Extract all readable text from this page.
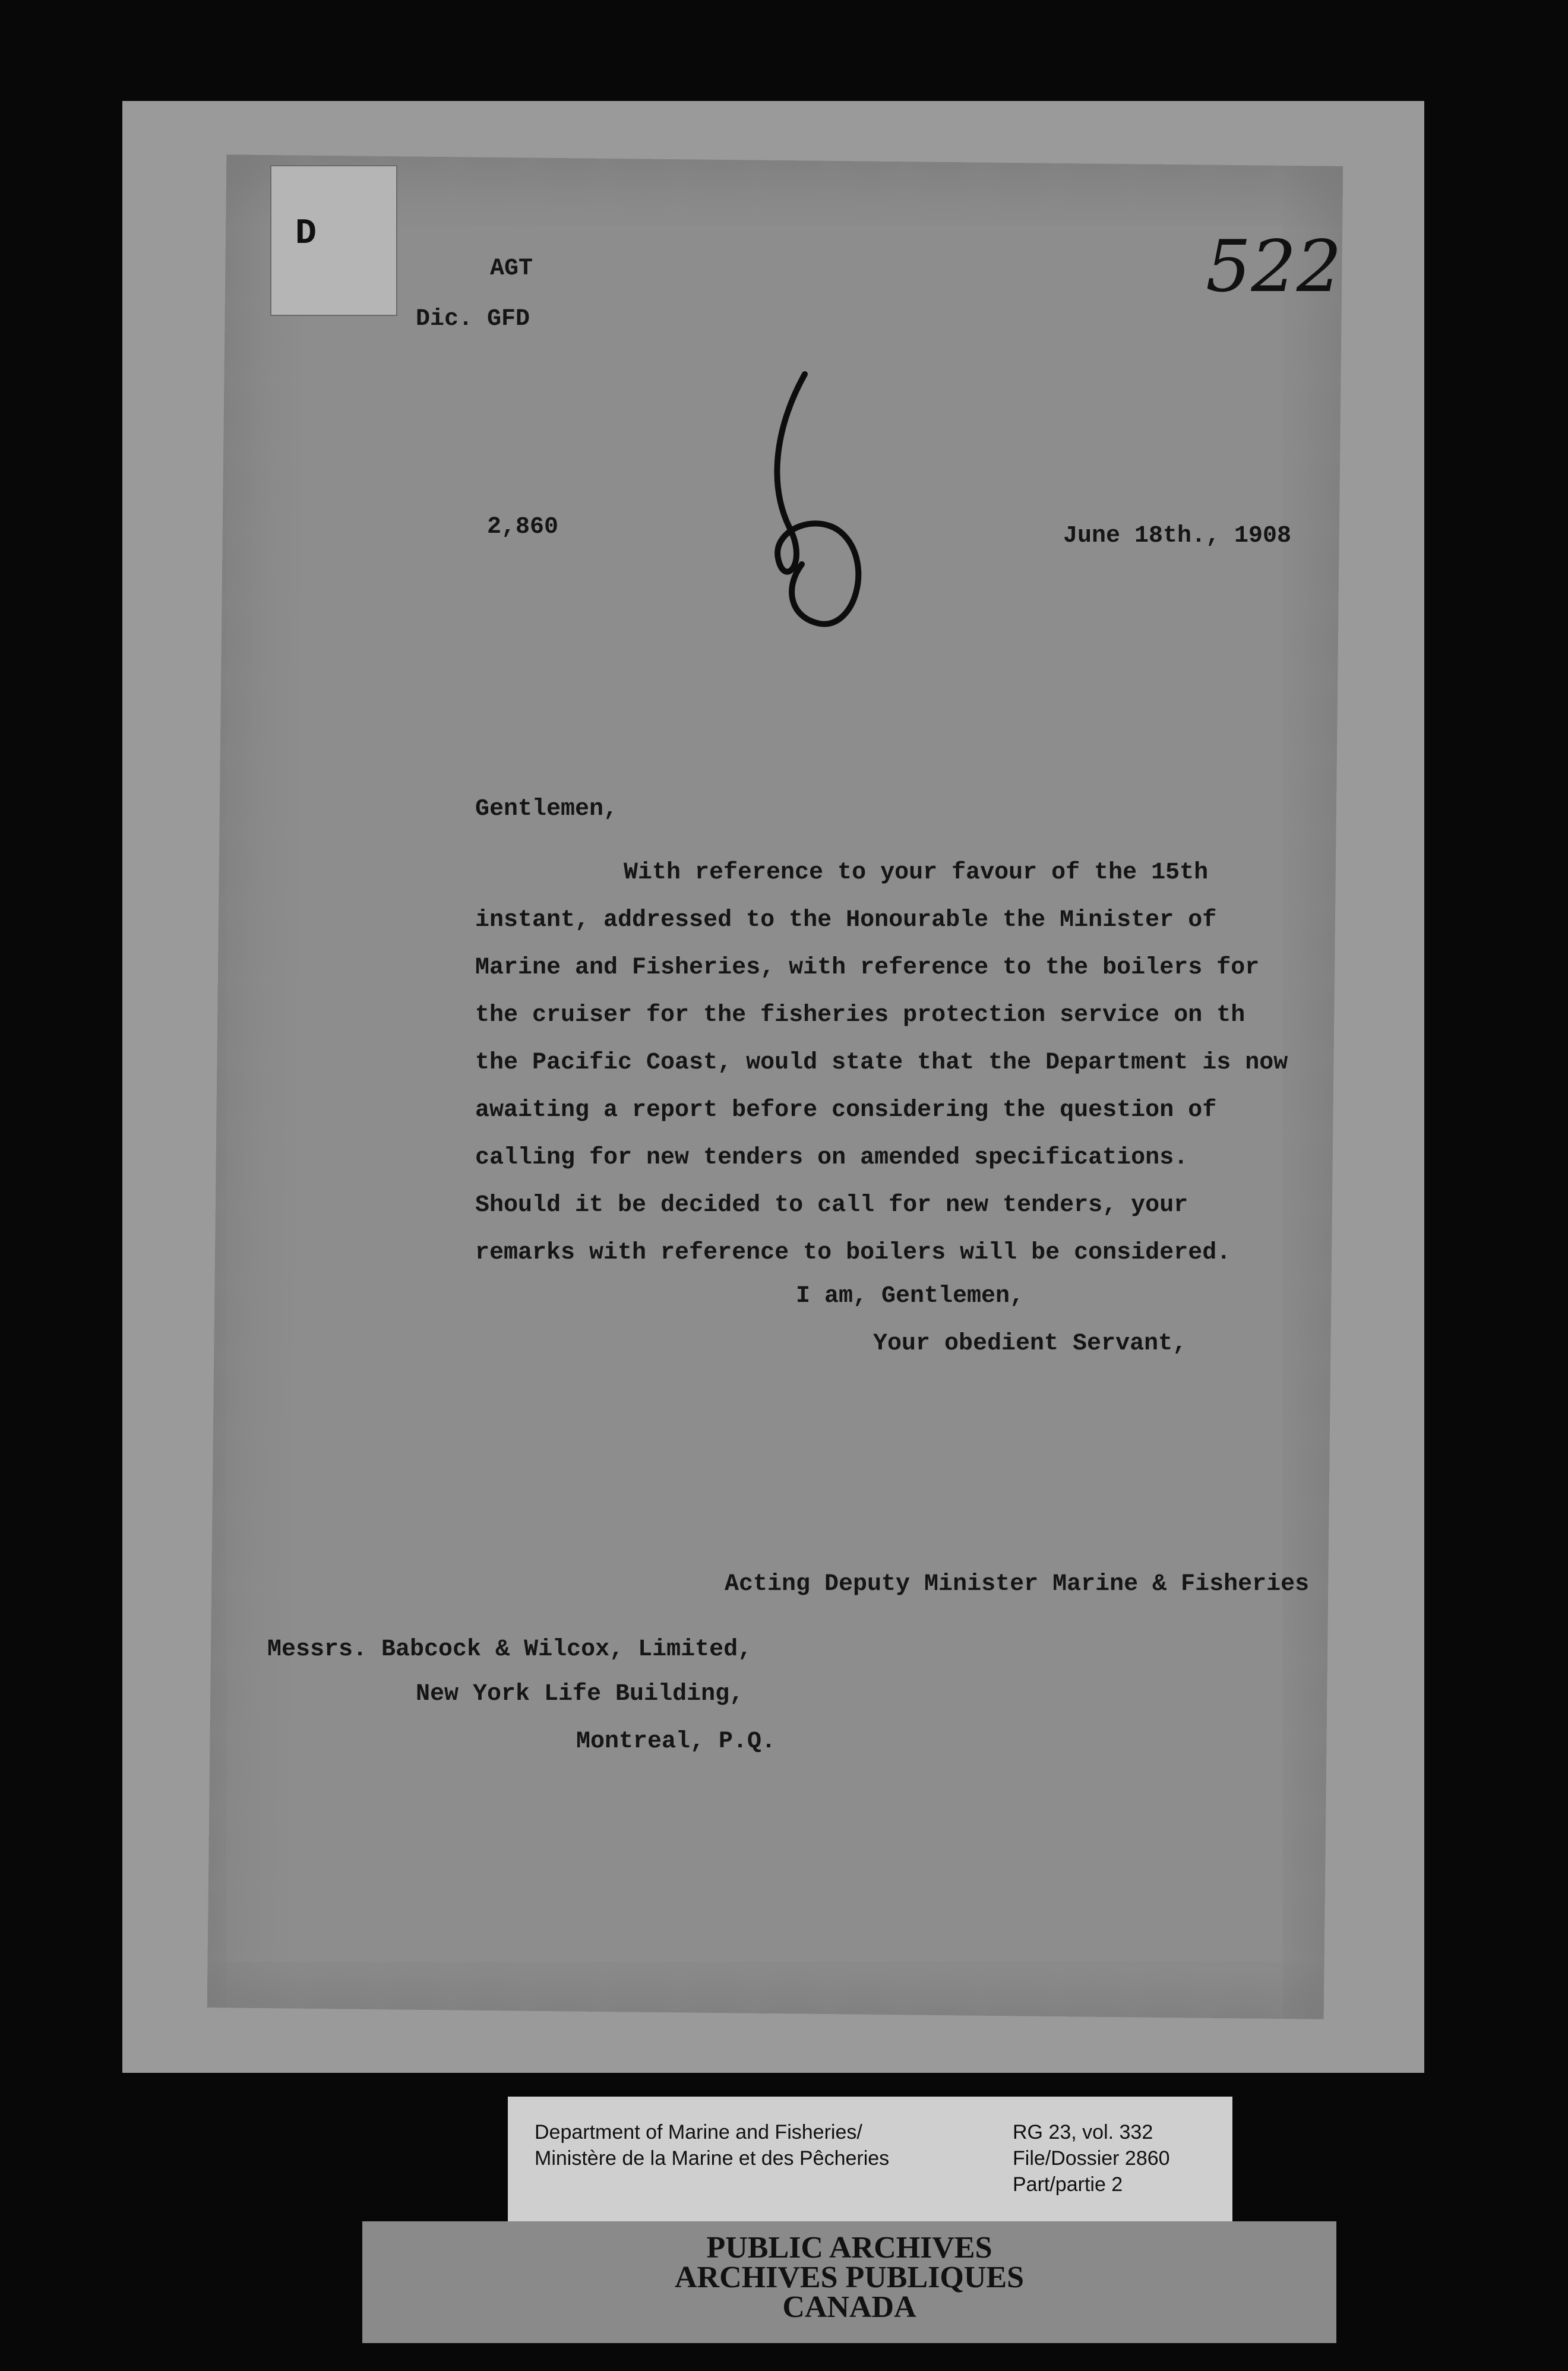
D
AGT
Dic. GFD
522
2,860	June 18th., 1908
Gentlemen,
With reference to your favour of the 15th
instant, addressed to the Honourable the Minister of
Marine and Fisheries, with reference to the boilers for
the cruiser for the fisheries protection service on th
the Pacific Coast, would state that the Department is now
awaiting a report before considering the question of
calling for new tenders on amended specifications.
Should it be decided to call for new tenders, your
remarks with reference to boilers will be considered.
I am, Gentlemen,
Your obedient Servant,
Acting Deputy Minister Marine & Fisheries
Messrs. Babcock & Wilcox, Limited,
New York Life Building,
Montreal, P.Q.
Department of Marine and Fisheries/
Ministère de la Marine et des Pêcheries
RG 23, vol. 332
File/Dossier 2860
Part/partie 2
PUBLIC ARCHIVES
ARCHIVES PUBLIQUES
CANADA
